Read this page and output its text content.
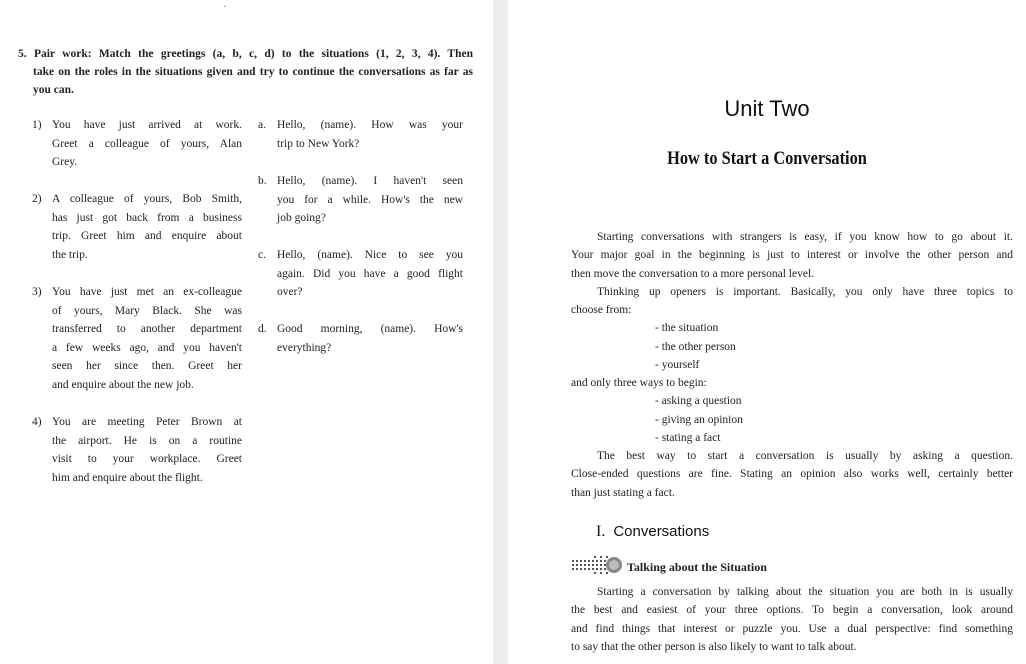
·
5. Pair work: Match the greetings (a, b, c, d) to the situations (1, 2, 3, 4). Then
take on the roles in the situations given and try to continue the conversations as far as
you can.
1) You have just arrived at work.
Greet a colleague of yours, Alan
Grey.
2) A colleague of yours, Bob Smith,
has just got back from a business
trip. Greet him and enquire about
the trip.
3) You have just met an ex-colleague
of yours, Mary Black. She was
transferred to another department
a few weeks ago, and you haven't
seen her since then. Greet her
and enquire about the new job.
4) You are meeting Peter Brown at
the airport. He is on a routine
visit to your workplace. Greet
him and enquire about the flight.
a. Hello, (name). How was your
trip to New York?
b. Hello, (name). I haven't seen
you for a while. How's the new
job going?
c. Hello, (name). Nice to see you
again. Did you have a good flight
over?
d. Good morning, (name). How's
everything?
Unit Two
How to Start a Conversation
Starting conversations with strangers is easy, if you know how to go about it.
Your major goal in the beginning is just to interest or involve the other person and
then move the conversation to a more personal level.
Thinking up openers is important. Basically, you only have three topics to
choose from:
- the situation
- the other person
- yourself
and only three ways to begin:
- asking a question
- giving an opinion
- stating a fact
The best way to start a conversation is usually by asking a question.
Close-ended questions are fine. Stating an opinion also works well, certainly better
than just stating a fact.
I. Conversations
Talking about the Situation
Starting a conversation by talking about the situation you are both in is usually
the best and easiest of your three options. To begin a conversation, look around
and find things that interest or puzzle you. Use a dual perspective: find something
to say that the other person is also likely to want to talk about.
